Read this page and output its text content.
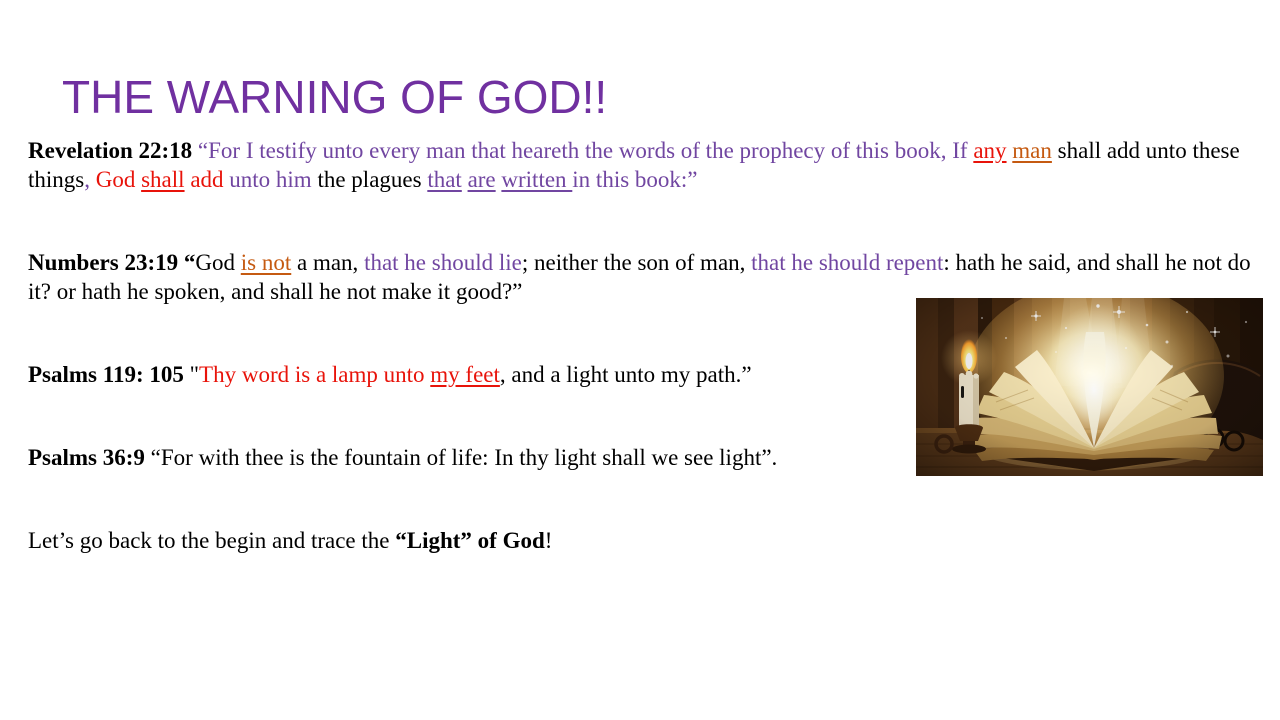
THE WARNING OF GOD!!

Revelation 22:18 “For I testify unto every man that heareth the words of the prophecy of this book, If any man shall add unto these things, God shall add unto him the plagues that are written in this book:”

Numbers 23:19 “God is not a man, that he should lie; neither the son of man, that he should repent: hath he said, and shall he not do it? or hath he spoken, and shall he not make it good?”

Psalms 119: 105 "Thy word is a lamp unto my feet, and a light unto my path.”

Psalms 36:9 “For with thee is the fountain of life: In thy light shall we see light”.

Let’s go back to the begin and trace the “Light” of God!
